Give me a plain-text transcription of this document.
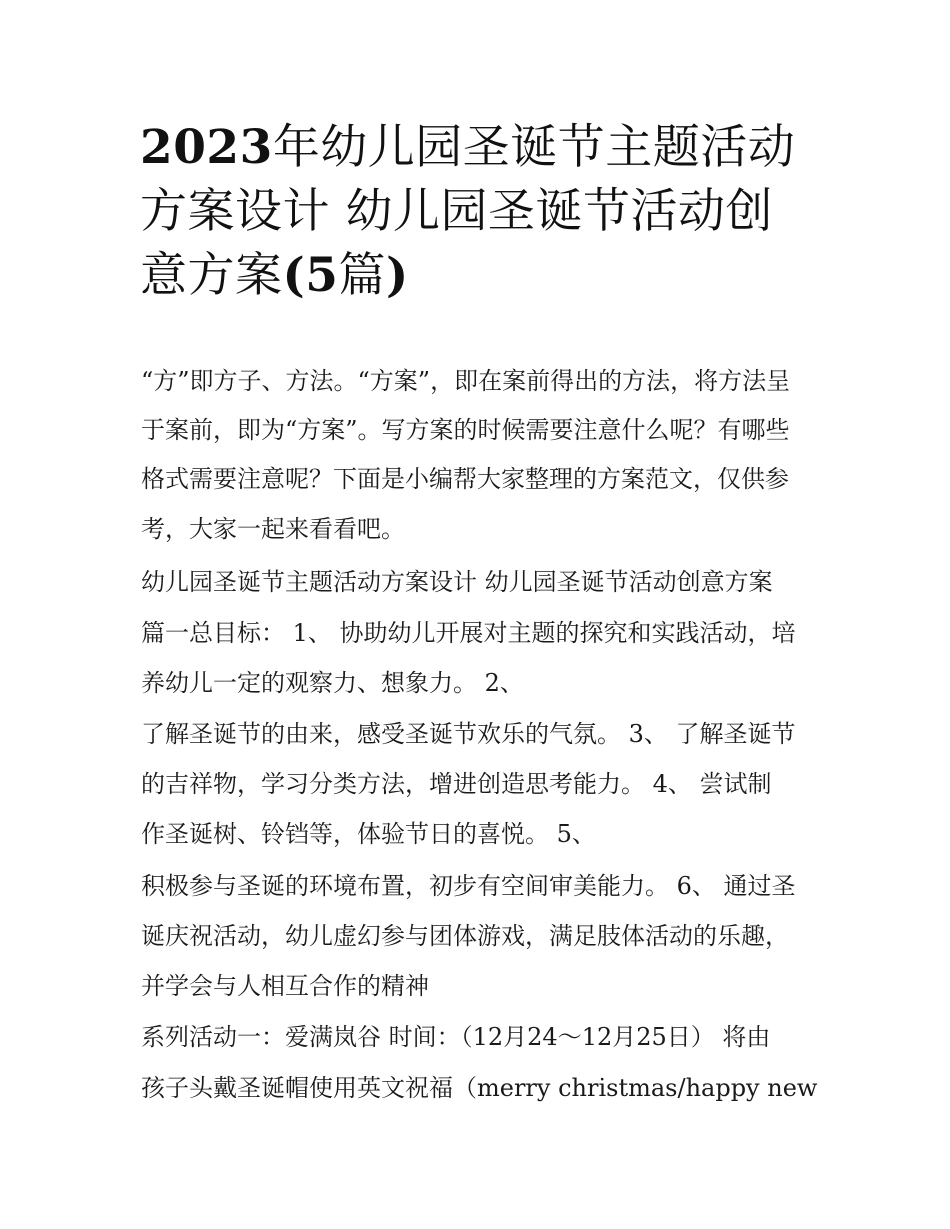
2023年幼儿园圣诞节主题活动
方案设计 幼儿园圣诞节活动创
意方案(5篇)

“方”即方子、方法。“方案”，即在案前得出的方法，将方法呈

于案前，即为“方案”。写方案的时候需要注意什么呢？有哪些

格式需要注意呢？下面是小编帮大家整理的方案范文，仅供参

考，大家一起来看看吧。

幼儿园圣诞节主题活动方案设计 幼儿园圣诞节活动创意方案

篇一总目标： 1、 协助幼儿开展对主题的探究和实践活动，培

养幼儿一定的观察力、想象力。 2、

了解圣诞节的由来，感受圣诞节欢乐的气氛。 3、 了解圣诞节

的吉祥物，学习分类方法，增进创造思考能力。 4、 尝试制

作圣诞树、铃铛等，体验节日的喜悦。 5、

积极参与圣诞的环境布置，初步有空间审美能力。 6、 通过圣

诞庆祝活动，幼儿虚幻参与团体游戏，满足肢体活动的乐趣，

并学会与人相互合作的精神

系列活动一：爱满岚谷 时间：（12月24～12月25日） 将由

孩子头戴圣诞帽使用英文祝福（merry christmas/happy new
